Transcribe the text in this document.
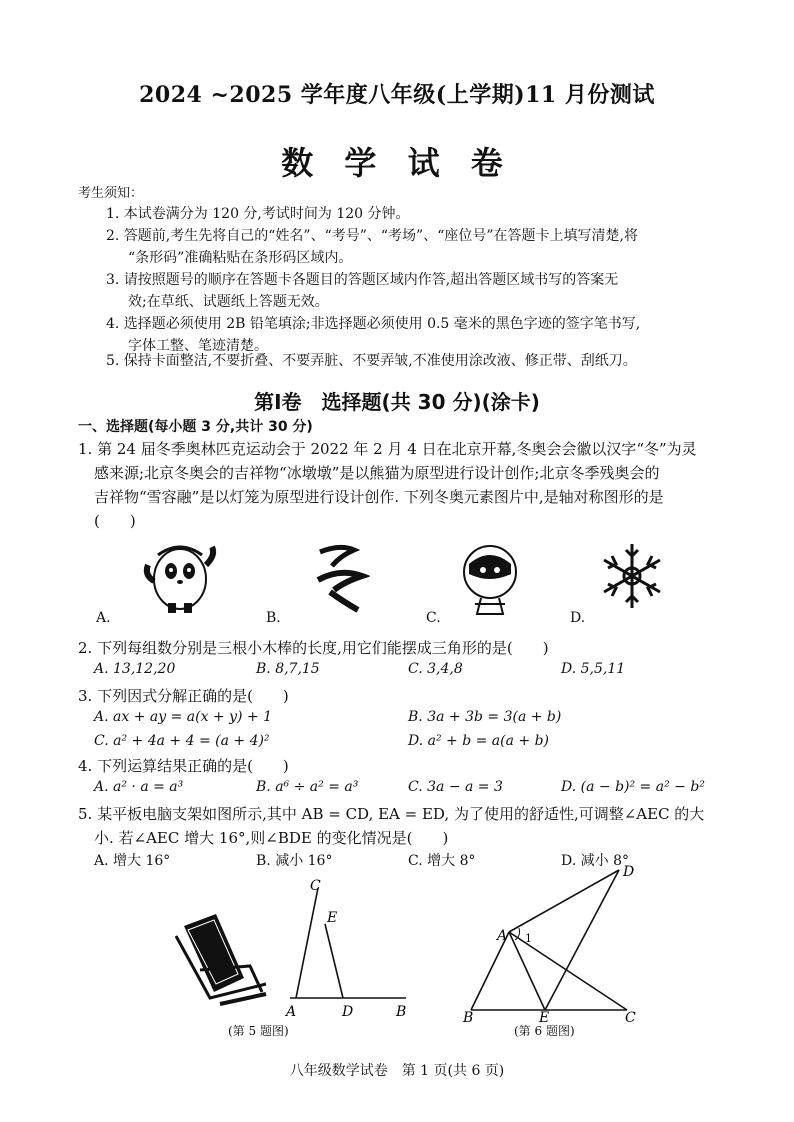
2024 ~2025 学年度八年级(上学期)11 月份测试
数 学 试 卷
考生须知：
1. 本试卷满分为 120 分,考试时间为 120 分钟。
2. 答题前,考生先将自己的“姓名”、“考号”、“考场”、“座位号”在答题卡上填写清楚,将
“条形码”准确粘贴在条形码区域内。
3. 请按照题号的顺序在答题卡各题目的答题区域内作答,超出答题区域书写的答案无
效;在草纸、试题纸上答题无效。
4. 选择题必须使用 2B 铅笔填涂;非选择题必须使用 0.5 毫米的黑色字迹的签字笔书写,
字体工整、笔迹清楚。
5. 保持卡面整洁,不要折叠、不要弄脏、不要弄皱,不准使用涂改液、修正带、刮纸刀。
第Ⅰ卷　选择题(共 30 分)(涂卡)
一、选择题(每小题 3 分,共计 30 分)
1. 第 24 届冬季奥林匹克运动会于 2022 年 2 月 4 日在北京开幕,冬奥会会徽以汉字“冬”为灵
感来源;北京冬奥会的吉祥物“冰墩墩”是以熊猫为原型进行设计创作;北京冬季残奥会的
吉祥物“雪容融”是以灯笼为原型进行设计创作. 下列冬奥元素图片中,是轴对称图形的是
(　　)
A.	B.	C.	D.
2. 下列每组数分别是三根小木棒的长度,用它们能摆成三角形的是(　　)
A. 13,12,20	B. 8,7,15	C. 3,4,8	D. 5,5,11
3. 下列因式分解正确的是(　　)
A. ax + ay = a(x + y) + 1	B. 3a + 3b = 3(a + b)
C. a² + 4a + 4 = (a + 4)²	D. a² + b = a(a + b)
4. 下列运算结果正确的是(　　)
A. a² · a = a³	B. a⁶ ÷ a² = a³	C. 3a − a = 3	D. (a − b)² = a² − b²
5. 某平板电脑支架如图所示,其中 AB = CD, EA = ED, 为了使用的舒适性,可调整∠AEC 的大
小. 若∠AEC 增大 16°,则∠BDE 的变化情况是(　　)
A. 增大 16°	B. 减小 16°	C. 增大 8°	D. 减小 8°
C
E
A	D	B
(第 5 题图)
D
A 1
B	E	C
(第 6 题图)
八年级数学试卷　第 1 页(共 6 页)
